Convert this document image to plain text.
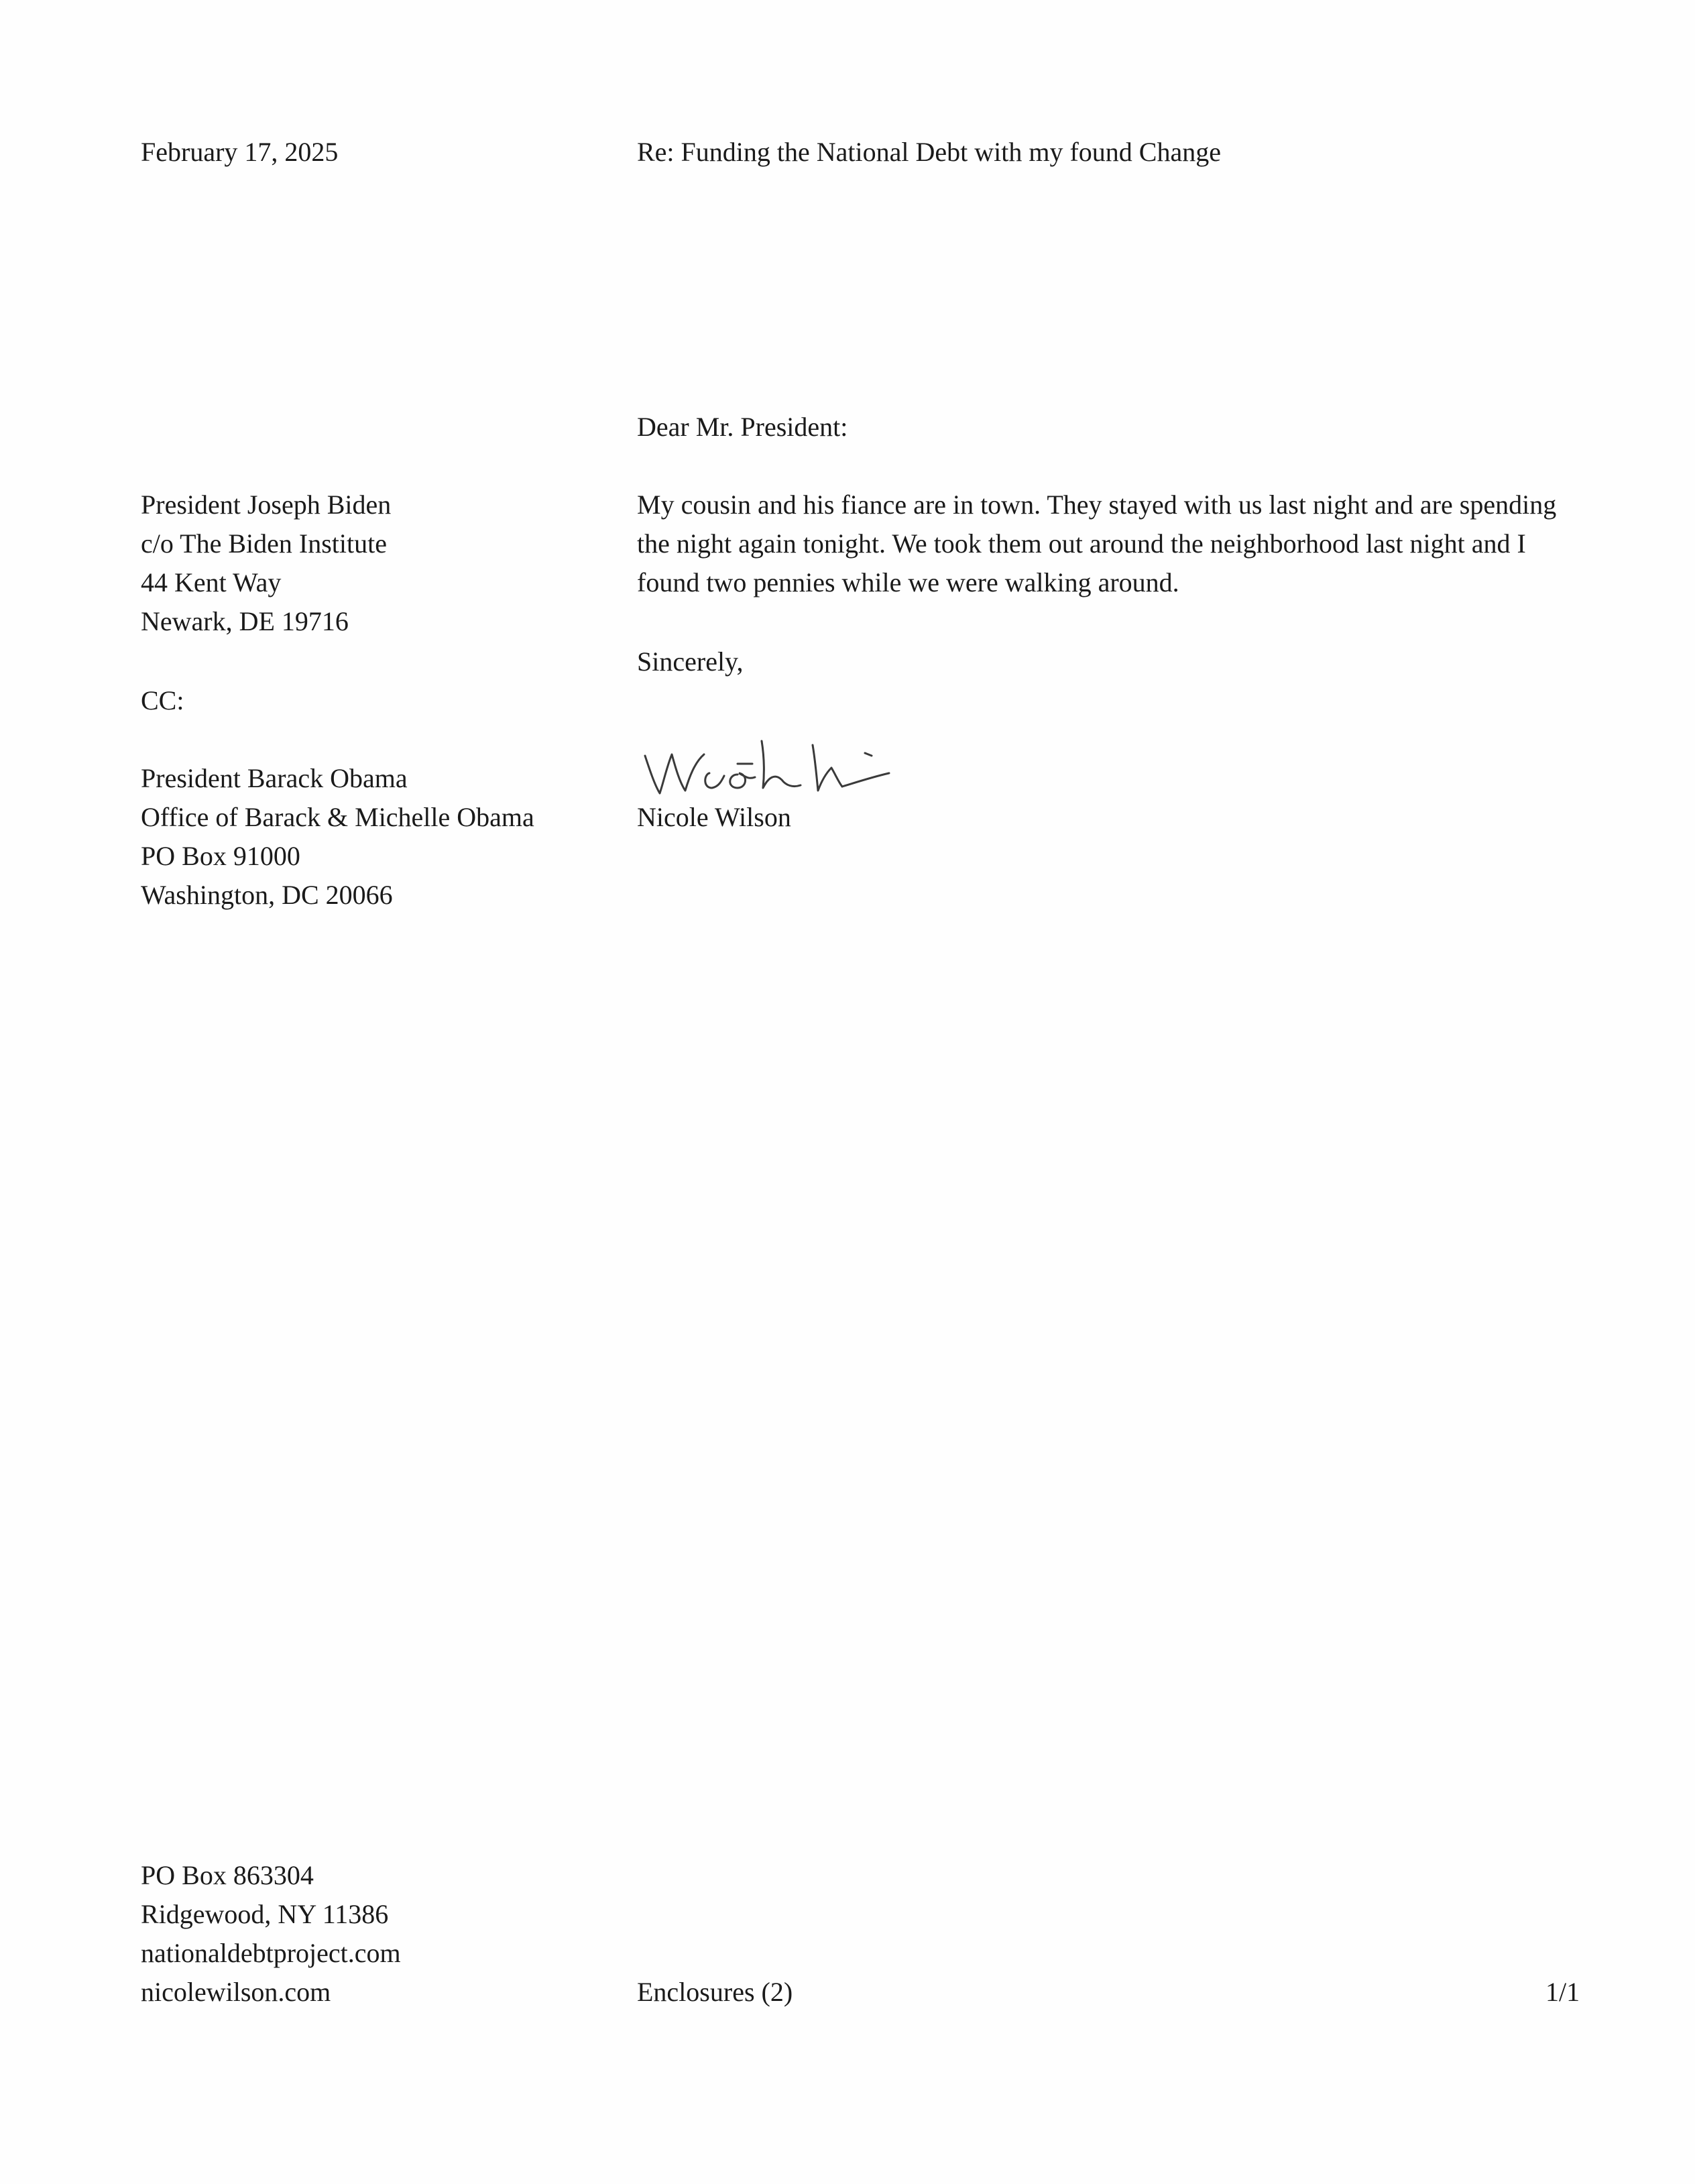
February 17, 2025	Re: Funding the National Debt with my found Change

Dear Mr. President:

President Joseph Biden
c/o The Biden Institute
44 Kent Way
Newark, DE 19716

CC:

President Barack Obama
Office of Barack & Michelle Obama
PO Box 91000
Washington, DC 20066

My cousin and his fiance are in town. They stayed with us last night and are spending the night again tonight. We took them out around the neighborhood last night and I found two pennies while we were walking around.

Sincerely,

Nicole Wilson

PO Box 863304
Ridgewood, NY 11386
nationaldebtproject.com
nicolewilson.com	Enclosures (2)	1/1
